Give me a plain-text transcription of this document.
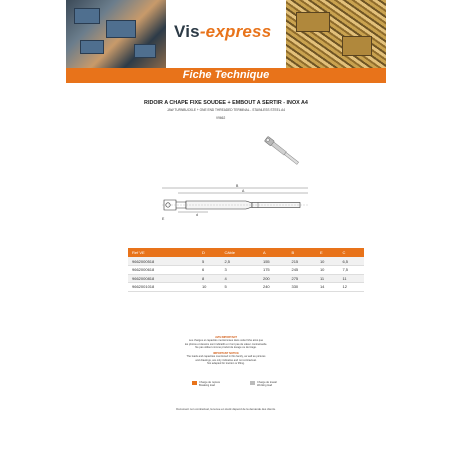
Vis-express
Fiche Technique
RIDOIR A CHAPE FIXE SOUDEE + EMBOUT A SERTIR - INOX A4
JAW TURNBUCKLE + ONE END THREADED TERMINAL - STAINLESS STEEL A4
V9662
B
A
d
E
Ref VE	D	Câble	A	B	E	C
9662000518	5	2,5	155	215	10	6,5
9662000618	6	3	175	245	10	7,5
9662000818	8	4	200	275	11	11
9662001018	10	5	240	330	14	12
AVIS IMPORTANT
Les charges et capacités mentionnées dans cette fiche ainsi que
les photos et dessins sont indicatifs et n'ont pas de valeur contractuelle.
Ne pas utiliser comme produit de levage ou de tirage.
IMPORTANT NOTICE
The loads and capacities mentioned in this family, as well as pictures
and drawings, are only indicative and not contractual.
Not adapted for traction or lifting.
Charge de rupture
Breaking load
Charge de travail
Working load
Document non contractuel, la tenue en stock dépend de la demande des clients.
